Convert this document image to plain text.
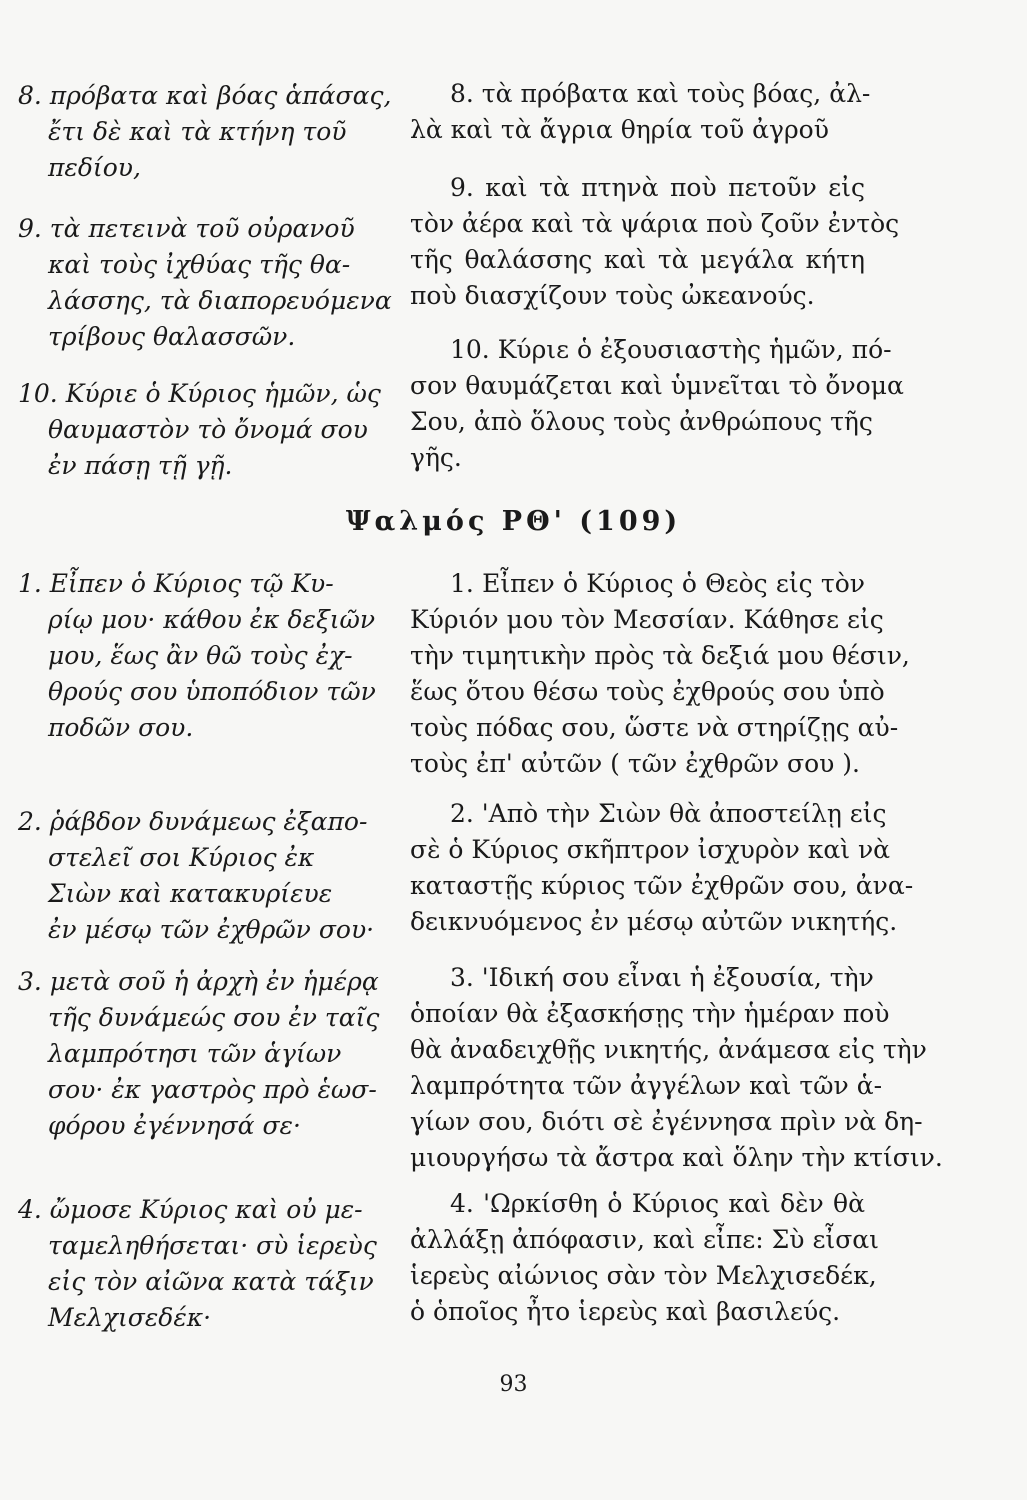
8. πρόβατα καὶ βόας ἁπάσας,
ἔτι δὲ καὶ τὰ κτήνη τοῦ
πεδίου,
9. τὰ πετεινὰ τοῦ οὐρανοῦ
καὶ τοὺς ἰχθύας τῆς θα-
λάσσης, τὰ διαπορευόμενα
τρίβους θαλασσῶν.
10. Κύριε ὁ Κύριος ἡμῶν, ὡς
θαυμαστὸν τὸ ὄνομά σου
ἐν πάσῃ τῇ γῇ.
8. τὰ πρόβατα καὶ τοὺς βόας, ἀλ-
λὰ καὶ τὰ ἄγρια θηρία τοῦ ἀγροῦ
9. καὶ τὰ πτηνὰ ποὺ πετοῦν εἰς
τὸν ἀέρα καὶ τὰ ψάρια ποὺ ζοῦν ἐντὸς
τῆς θαλάσσης καὶ τὰ μεγάλα κήτη
ποὺ διασχίζουν τοὺς ὠκεανούς.
10. Κύριε ὁ ἐξουσιαστὴς ἡμῶν, πό-
σον θαυμάζεται καὶ ὑμνεῖται τὸ ὄνομα
Σου, ἀπὸ ὅλους τοὺς ἀνθρώπους τῆς
γῆς.
Ψαλμός ΡΘ' (109)
1. Εἶπεν ὁ Κύριος τῷ Κυ-
ρίῳ μου· κάθου ἐκ δεξιῶν
μου, ἕως ἂν θῶ τοὺς ἐχ-
θρούς σου ὑποπόδιον τῶν
ποδῶν σου.
2. ῥάβδον δυνάμεως ἐξαπο-
στελεῖ σοι Κύριος ἐκ
Σιὼν καὶ κατακυρίευε
ἐν μέσῳ τῶν ἐχθρῶν σου·
3. μετὰ σοῦ ἡ ἀρχὴ ἐν ἡμέρᾳ
τῆς δυνάμεώς σου ἐν ταῖς
λαμπρότησι τῶν ἁγίων
σου· ἐκ γαστρὸς πρὸ ἑωσ-
φόρου ἐγέννησά σε·
4. ὤμοσε Κύριος καὶ οὐ με-
ταμεληθήσεται· σὺ ἱερεὺς
εἰς τὸν αἰῶνα κατὰ τάξιν
Μελχισεδέκ·
1. Εἶπεν ὁ Κύριος ὁ Θεὸς εἰς τὸν
Κύριόν μου τὸν Μεσσίαν. Κάθησε εἰς
τὴν τιμητικὴν πρὸς τὰ δεξιά μου θέσιν,
ἕως ὅτου θέσω τοὺς ἐχθρούς σου ὑπὸ
τοὺς πόδας σου, ὥστε νὰ στηρίζῃς αὐ-
τοὺς ἐπ' αὐτῶν ( τῶν ἐχθρῶν σου ).
2. 'Απὸ τὴν Σιὼν θὰ ἀποστείλῃ εἰς
σὲ ὁ Κύριος σκῆπτρον ἰσχυρὸν καὶ νὰ
καταστῇς κύριος τῶν ἐχθρῶν σου, ἀνα-
δεικνυόμενος ἐν μέσῳ αὐτῶν νικητής.
3. 'Ιδική σου εἶναι ἡ ἐξουσία, τὴν
ὁποίαν θὰ ἐξασκήσῃς τὴν ἡμέραν ποὺ
θὰ ἀναδειχθῇς νικητής, ἀνάμεσα εἰς τὴν
λαμπρότητα τῶν ἀγγέλων καὶ τῶν ἁ-
γίων σου, διότι σὲ ἐγέννησα πρὶν νὰ δη-
μιουργήσω τὰ ἄστρα καὶ ὅλην τὴν κτίσιν.
4. 'Ωρκίσθη ὁ Κύριος καὶ δὲν θὰ
ἀλλάξῃ ἀπόφασιν, καὶ εἶπε: Σὺ εἶσαι
ἱερεὺς αἰώνιος σὰν τὸν Μελχισεδέκ,
ὁ ὁποῖος ἦτο ἱερεὺς καὶ βασιλεύς.
93
